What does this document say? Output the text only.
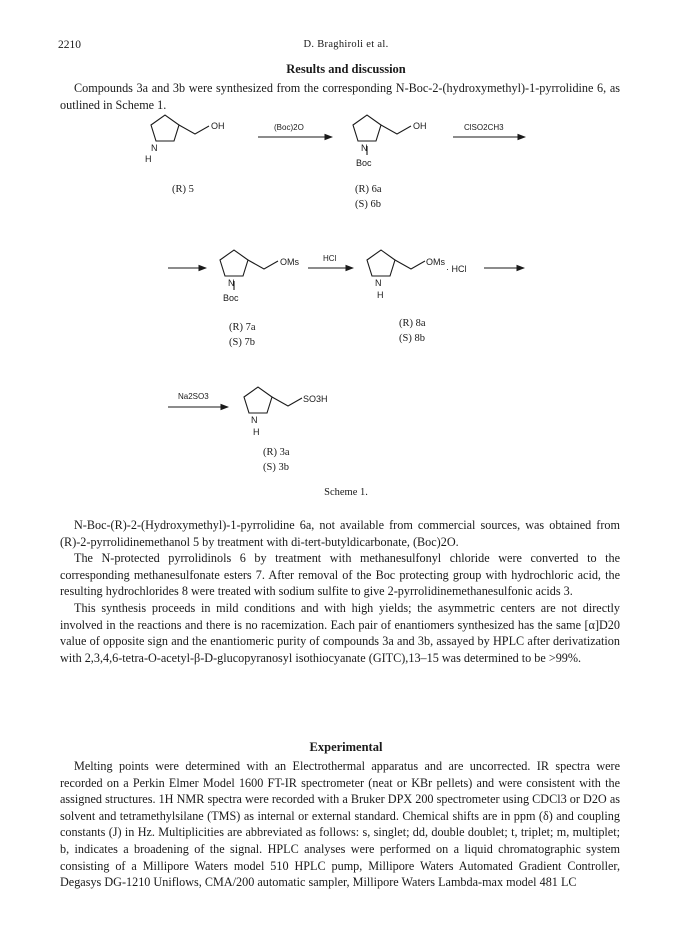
2210	D. Braghiroli et al.
Results and discussion

Compounds 3a and 3b were synthesized from the corresponding N-Boc-2-(hydroxymethyl)-1-pyrrolidine 6, as outlined in Scheme 1.

N
H
OH
N
Boc
OH
(Boc)2O	ClSO2CH3
N
Boc
OMs	HCl
N
H
OMs
· HCl
Na2SO3
N
H
SO3H
(R) 5	(R) 6a
(S) 6b
(R) 7a
(S) 7b
(R) 8a
(S) 8b
(R) 3a
(S) 3b
Scheme 1.

N-Boc-(R)-2-(Hydroxymethyl)-1-pyrrolidine 6a, not available from commercial sources, was obtained from (R)-2-pyrrolidinemethanol 5 by treatment with di-tert-butyldicarbonate, (Boc)2O.

The N-protected pyrrolidinols 6 by treatment with methanesulfonyl chloride were converted to the corresponding methanesulfonate esters 7. After removal of the Boc protecting group with hydrochloric acid, the resulting hydrochlorides 8 were treated with sodium sulfite to give 2-pyrrolidinemethanesulfonic acids 3.

This synthesis proceeds in mild conditions and with high yields; the asymmetric centers are not directly involved in the reactions and there is no racemization. Each pair of enantiomers synthesized has the same [α]D20 value of opposite sign and the enantiomeric purity of compounds 3a and 3b, assayed by HPLC after derivatization with 2,3,4,6-tetra-O-acetyl-β-D-glucopyranosyl isothiocyanate (GITC),13–15 was determined to be >99%.

Experimental

Melting points were determined with an Electrothermal apparatus and are uncorrected. IR spectra were recorded on a Perkin Elmer Model 1600 FT-IR spectrometer (neat or KBr pellets) and were consistent with the assigned structures. 1H NMR spectra were recorded with a Bruker DPX 200 spectrometer using CDCl3 or D2O as solvent and tetramethylsilane (TMS) as internal or external standard. Chemical shifts are in ppm (δ) and coupling constants (J) in Hz. Multiplicities are abbreviated as follows: s, singlet; dd, double doublet; t, triplet; m, multiplet; b, indicates a broadening of the signal. HPLC analyses were performed on a liquid chromatographic system consisting of a Millipore Waters model 510 HPLC pump, Millipore Waters Automated Gradient Controller, Degasys DG-1210 Uniflows, CMA/200 automatic sampler, Millipore Waters Lambda-max model 481 LC
